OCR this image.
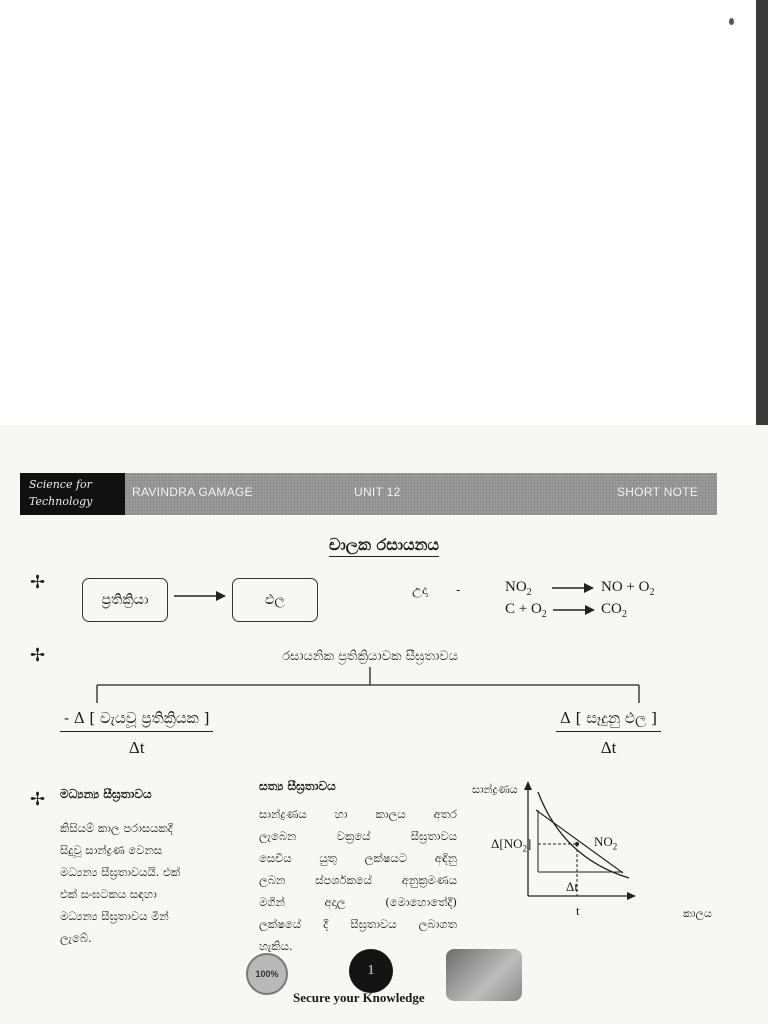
Science for
Technology
RAVINDRA GAMAGE	UNIT 12	SHORT NOTE
චාලක රසායනය
✢
✢
✢
ප්‍රතික්‍රියා	ඵල
උදා -	$NO_2$ → NO + $O_2$
$C + O_2 \to CO_2$
රසායනික ප්‍රතික්‍රියාවක සීඝ්‍රතාවය
- Δ [ වැයවූ ප්‍රතික්‍රියක ]
Δt
Δ [ සෑදුනු ඵල ]
Δt
මධ්‍යන්‍ය සීඝ්‍රතාවය
කිසියම් කාල පරාසයකදී
සිදුවූ සාන්ද්‍රණ වෙනස
මධ්‍යන්‍ය සීඝ්‍රතාවයයි. එක්
එක් සංඝටකය සඳහා
මධ්‍යන්‍ය සීඝ්‍රතාවය මීන්
ලැබේ.
සත්‍ය සීඝ්‍රතාවය
සාන්ද්‍රණය හා කාලය අතර
ලැබෙන වක්‍රයේ සීඝ්‍රතාවය
සෙවිය යුතු ලක්ෂයට අඳිනු
ලබන ස්පර්ශකයේ අනුක්‍රමණය
මගින් අදාල (මොහොතේදී)
ලක්ෂයේ දී සීඝ්‍රතාවය ලබාගත
හැකිය.
සාන්ද්‍රණය
කාලය
$\Delta[NO_2]$	$NO_2$
Δt
t
100%	1
Secure your Knowledge
